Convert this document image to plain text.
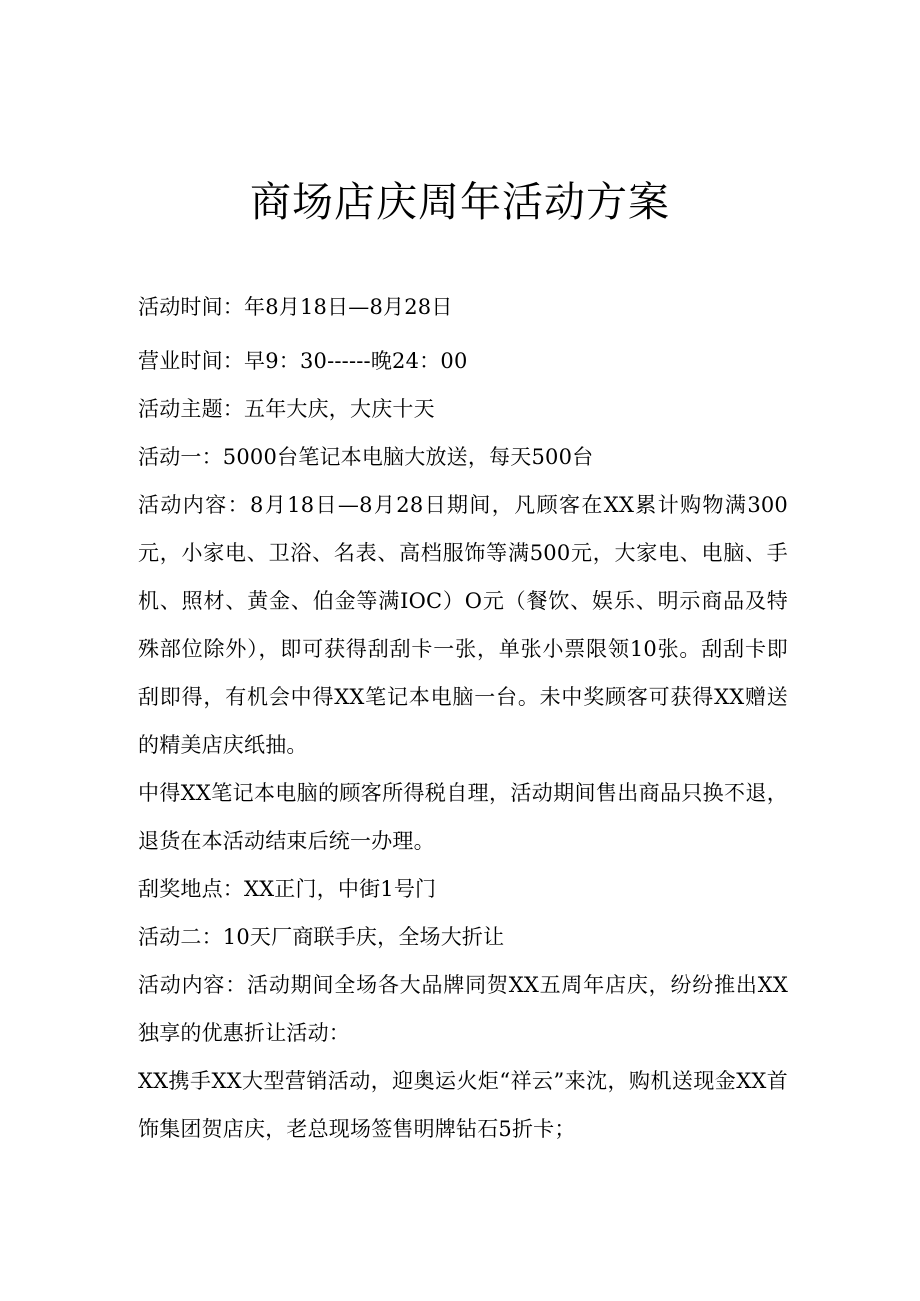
商场店庆周年活动方案

活动时间：年8月18日—8月28日

营业时间：早9：30------晚24：00

活动主题：五年大庆，大庆十天

活动一：5000台笔记本电脑大放送，每天500台

活动内容：8月18日—8月28日期间，凡顾客在XX累计购物满300元，小家电、卫浴、名表、高档服饰等满500元，大家电、电脑、手机、照材、黄金、伯金等满IOC）O元（餐饮、娱乐、明示商品及特殊部位除外），即可获得刮刮卡一张，单张小票限领10张。刮刮卡即刮即得，有机会中得XX笔记本电脑一台。未中奖顾客可获得XX赠送的精美店庆纸抽。

中得XX笔记本电脑的顾客所得税自理，活动期间售出商品只换不退，退货在本活动结束后统一办理。

刮奖地点：XX正门，中街1号门

活动二：10天厂商联手庆，全场大折让

活动内容：活动期间全场各大品牌同贺XX五周年店庆，纷纷推出XX独享的优惠折让活动：

XX携手XX大型营销活动，迎奥运火炬“祥云”来沈，购机送现金XX首饰集团贺店庆，老总现场签售明牌钻石5折卡；
